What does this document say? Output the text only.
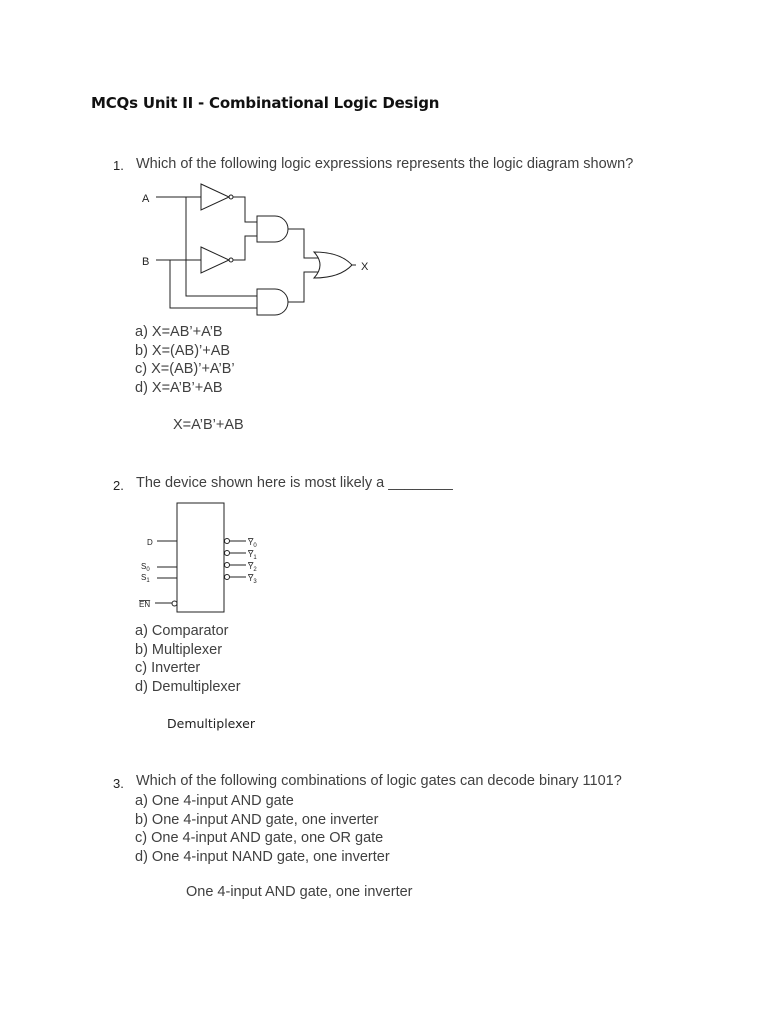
MCQs Unit II - Combinational Logic Design
1. Which of the following logic expressions represents the logic diagram shown?
A
B	X
a) X=AB’+A’B
b) X=(AB)’+AB
c) X=(AB)’+A’B’
d) X=A’B’+AB
X=A’B’+AB
2. The device shown here is most likely a ________
D
$S_0$
$S_1$
EN
$Y_0$
$Y_1$
$Y_2$
$Y_3$
a) Comparator
b) Multiplexer
c) Inverter
d) Demultiplexer
Demultiplexer
3. Which of the following combinations of logic gates can decode binary 1101?
a) One 4-input AND gate
b) One 4-input AND gate, one inverter
c) One 4-input AND gate, one OR gate
d) One 4-input NAND gate, one inverter
One 4-input AND gate, one inverter
